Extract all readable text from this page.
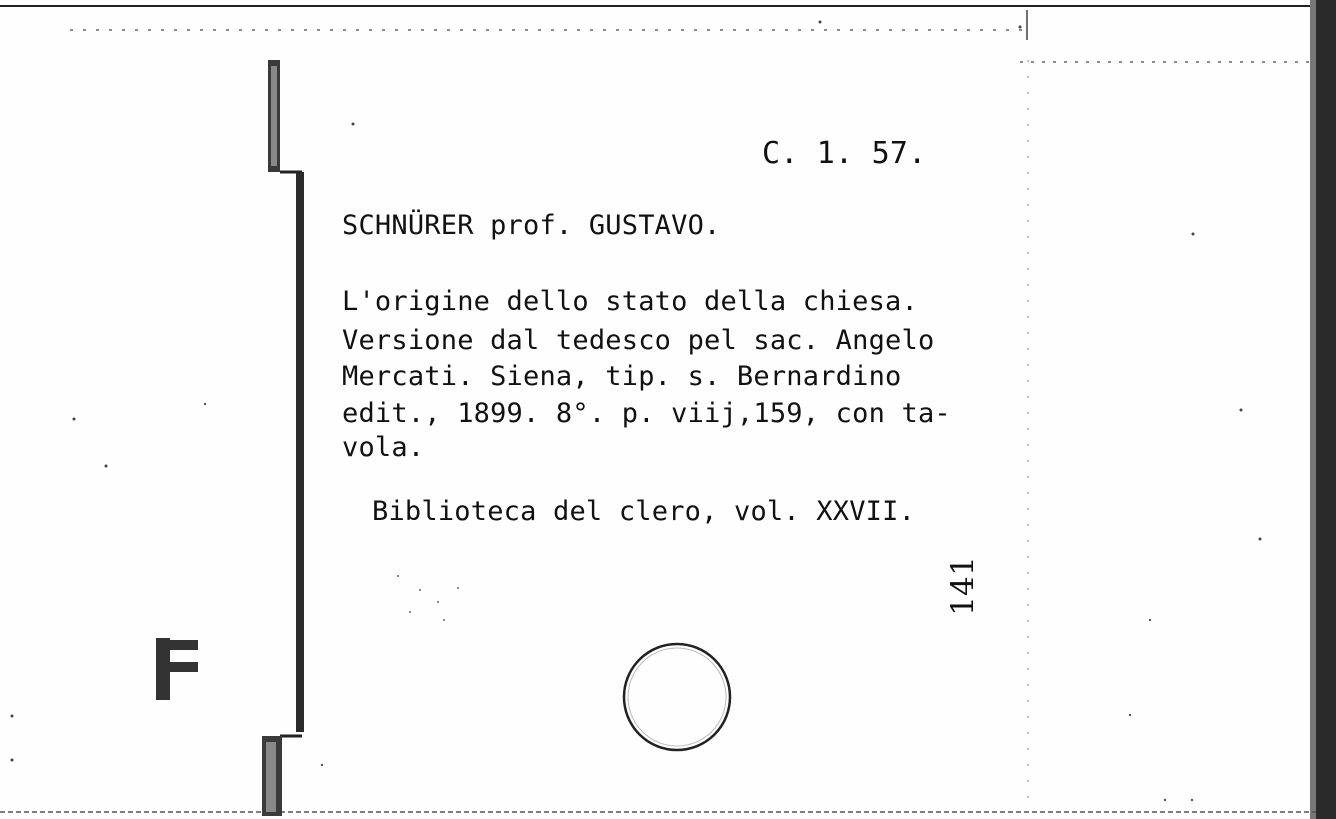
C. 1. 57.
SCHNÜRER prof. GUSTAVO.
L'origine dello stato della chiesa.
Versione dal tedesco pel sac. Angelo
Mercati. Siena, tip. s. Bernardino
edit., 1899. 8°. p. viij,159, con ta-
vola.
Biblioteca del clero, vol. XXVII.
141
